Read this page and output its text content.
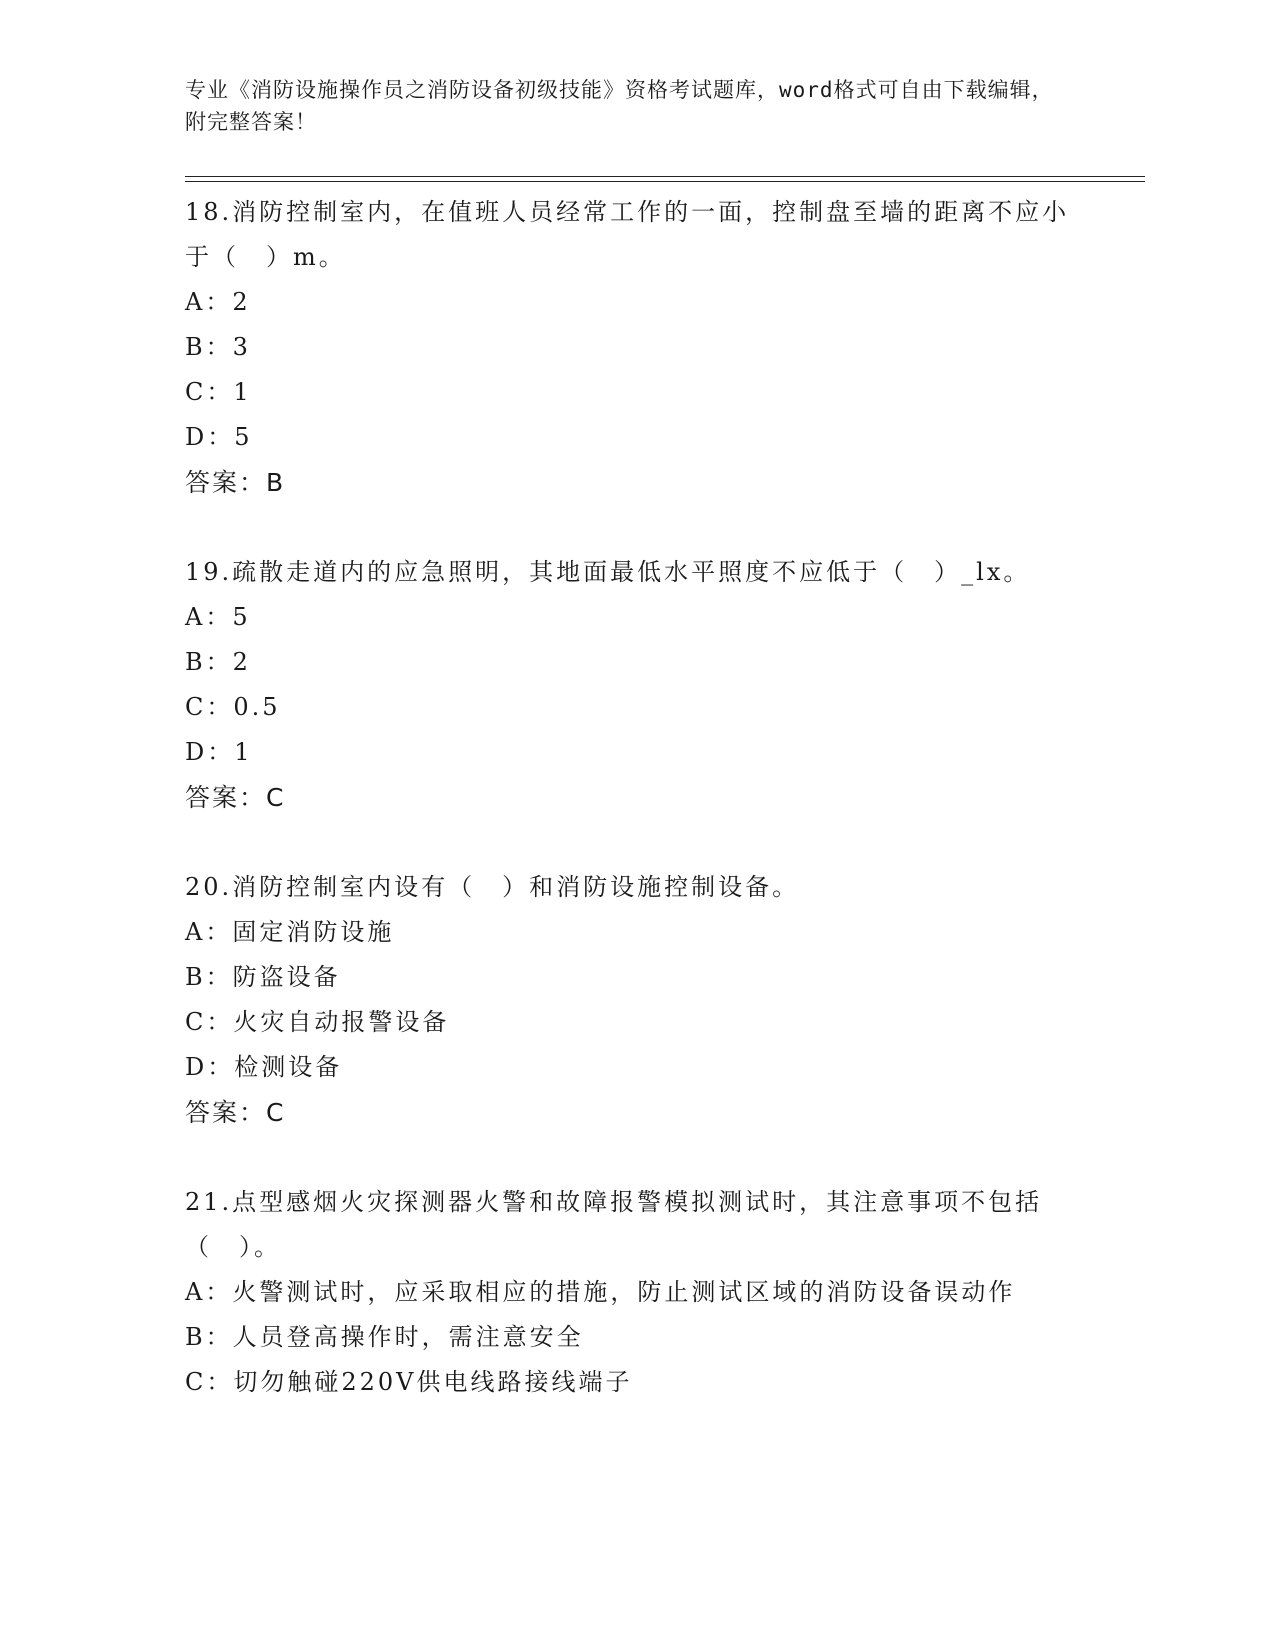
专业《消防设施操作员之消防设备初级技能》资格考试题库，word格式可自由下载编辑，附完整答案！

18.消防控制室内，在值班人员经常工作的一面，控制盘至墙的距离不应小于（　）m。

A：2

B：3

C：1

D：5

答案：B

19.疏散走道内的应急照明，其地面最低水平照度不应低于（　）_lx。

A：5

B：2

C：0.5

D：1

答案：C

20.消防控制室内设有（　）和消防设施控制设备。

A：固定消防设施

B：防盗设备

C：火灾自动报警设备

D：检测设备

答案：C

21.点型感烟火灾探测器火警和故障报警模拟测试时，其注意事项不包括（　）。

A：火警测试时，应采取相应的措施，防止测试区域的消防设备误动作

B：人员登高操作时，需注意安全

C：切勿触碰220V供电线路接线端子
